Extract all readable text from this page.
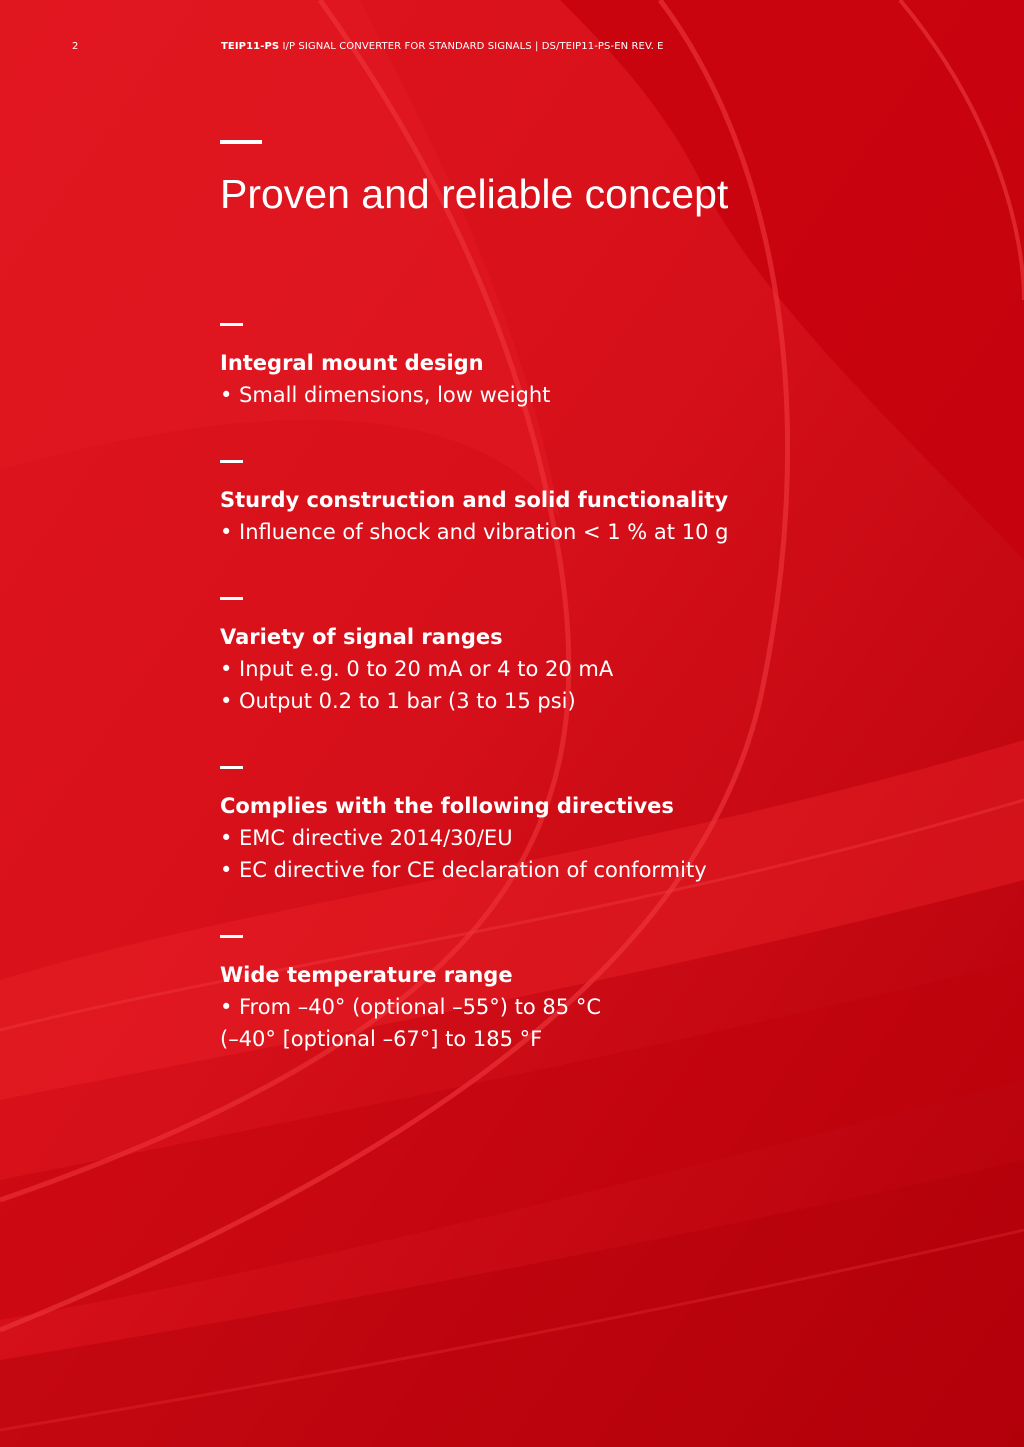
2	TEIP11-PS I/P SIGNAL CONVERTER FOR STANDARD SIGNALS | DS/TEIP11-PS-EN REV. E
Proven and reliable concept
Integral mount design
• Small dimensions, low weight
Sturdy construction and solid functionality
• Influence of shock and vibration < 1 % at 10 g
Variety of signal ranges
• Input e.g. 0 to 20 mA or 4 to 20 mA
• Output 0.2 to 1 bar (3 to 15 psi)
Complies with the following directives
• EMC directive 2014/30/EU
• EC directive for CE declaration of conformity
Wide temperature range
• From –40° (optional –55°) to 85 °C
(–40° [optional –67°] to 185 °F
